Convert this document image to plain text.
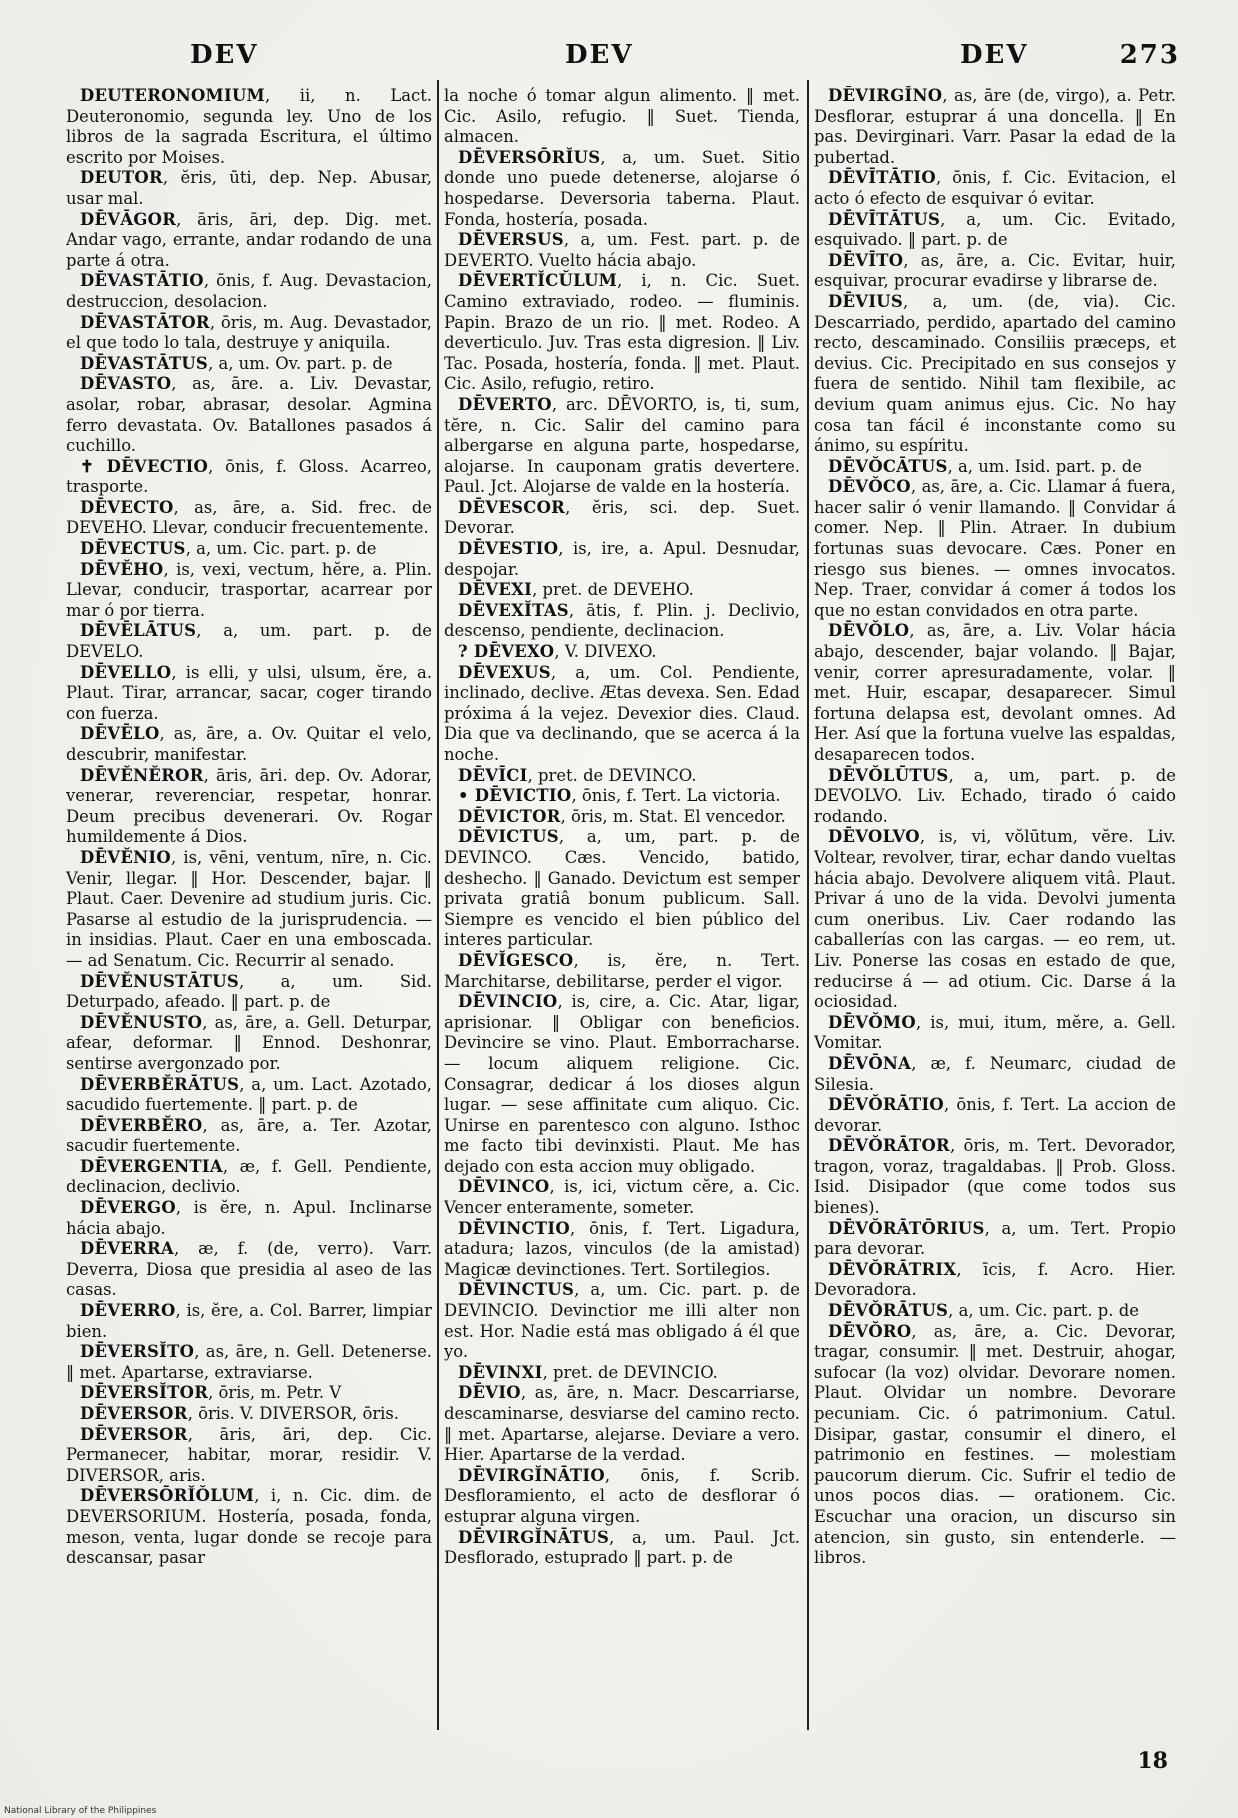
DEV	DEV	DEV	273

DEUTERONOMIUM, ii, n. Lact. Deuteronomio, segunda ley. Uno de los libros de la sagrada Escritura, el último escrito por Moises.

DEUTOR, ĕris, ūti, dep. Nep. Abusar, usar mal.

DĒVĀGOR, āris, āri, dep. Dig. met. Andar vago, errante, andar rodando de una parte á otra.

DĒVASTĀTIO, ōnis, f. Aug. Devastacion, destruccion, desolacion.

DĒVASTĀTOR, ōris, m. Aug. Devastador, el que todo lo tala, destruye y aniquila.

DĒVASTĀTUS, a, um. Ov. part. p. de

DĒVASTO, as, āre. a. Liv. Devastar, asolar, robar, abrasar, desolar. Agmina ferro devastata. Ov. Batallones pasados á cuchillo.

✝ DĒVECTIO, ōnis, f. Gloss. Acarreo, trasporte.

DĒVECTO, as, āre, a. Sid. frec. de DEVEHO. Llevar, conducir frecuentemente.

DĒVECTUS, a, um. Cic. part. p. de

DĒVĔHO, is, vexi, vectum, hĕre, a. Plin. Llevar, conducir, trasportar, acarrear por mar ó por tierra.

DĒVĒLĀTUS, a, um. part. p. de DEVELO.

DĒVELLO, is elli, y ulsi, ulsum, ĕre, a. Plaut. Tirar, arrancar, sacar, coger tirando con fuerza.

DĒVĒLO, as, āre, a. Ov. Quitar el velo, descubrir, manifestar.

DĒVĔNĔROR, āris, āri. dep. Ov. Adorar, venerar, reverenciar, respetar, honrar. Deum precibus devenerari. Ov. Rogar humildemente á Dios.

DĒVĔNIO, is, vēni, ventum, nīre, n. Cic. Venir, llegar. ‖ Hor. Descender, bajar. ‖ Plaut. Caer. Devenire ad studium juris. Cic. Pasarse al estudio de la jurisprudencia. — in insidias. Plaut. Caer en una emboscada. — ad Senatum. Cic. Recurrir al senado.

DĒVĔNUSTĀTUS, a, um. Sid. Deturpado, afeado. ‖ part. p. de

DĒVĔNUSTO, as, āre, a. Gell. Deturpar, afear, deformar. ‖ Ennod. Deshonrar, sentirse avergonzado por.

DĒVERBĔRĀTUS, a, um. Lact. Azotado, sacudido fuertemente. ‖ part. p. de

DĒVERBĔRO, as, āre, a. Ter. Azotar, sacudir fuertemente.

DĒVERGENTIA, æ, f. Gell. Pendiente, declinacion, declivio.

DĒVERGO, is ĕre, n. Apul. Inclinarse hácia abajo.

DĒVERRA, æ, f. (de, verro). Varr. Deverra, Diosa que presidia al aseo de las casas.

DĒVERRO, is, ĕre, a. Col. Barrer, limpiar bien.

DĒVERSĬTO, as, āre, n. Gell. Detenerse. ‖ met. Apartarse, extraviarse.

DĒVERSĬTOR, ōris, m. Petr. V

DĒVERSOR, ōris. V. DIVERSOR, ōris.

DĒVERSOR, āris, āri, dep. Cic. Permanecer, habitar, morar, residir. V. DIVERSOR, aris.

DĒVERSŌRĬŎLUM, i, n. Cic. dim. de DEVERSORIUM. Hostería, posada, fonda, meson, venta, lugar donde se recoje para descansar, pasar

la noche ó tomar algun alimento. ‖ met. Cic. Asilo, refugio. ‖ Suet. Tienda, almacen.

DĒVERSŌRĬUS, a, um. Suet. Sitio donde uno puede detenerse, alojarse ó hospedarse. Deversoria taberna. Plaut. Fonda, hostería, posada.

DĒVERSUS, a, um. Fest. part. p. de DEVERTO. Vuelto hácia abajo.

DĒVERTĬCŬLUM, i, n. Cic. Suet. Camino extraviado, rodeo. — fluminis. Papin. Brazo de un rio. ‖ met. Rodeo. A deverticulo. Juv. Tras esta digresion. ‖ Liv. Tac. Posada, hostería, fonda. ‖ met. Plaut. Cic. Asilo, refugio, retiro.

DĒVERTO, arc. DĒVORTO, is, ti, sum, tĕre, n. Cic. Salir del camino para albergarse en alguna parte, hospedarse, alojarse. In cauponam gratis devertere. Paul. Jct. Alojarse de valde en la hostería.

DĒVESCOR, ĕris, sci. dep. Suet. Devorar.

DĒVESTIO, is, ire, a. Apul. Desnudar, despojar.

DĒVEXI, pret. de DEVEHO.

DĒVEXĬTAS, ātis, f. Plin. j. Declivio, descenso, pendiente, declinacion.

? DĒVEXO, V. DIVEXO.

DĒVEXUS, a, um. Col. Pendiente, inclinado, declive. Ætas devexa. Sen. Edad próxima á la vejez. Devexior dies. Claud. Dia que va declinando, que se acerca á la noche.

DĒVĪCI, pret. de DEVINCO.

• DĒVICTIO, ōnis, f. Tert. La victoria.

DĒVICTOR, ōris, m. Stat. El vencedor.

DĒVICTUS, a, um, part. p. de DEVINCO. Cæs. Vencido, batido, deshecho. ‖ Ganado. Devictum est semper privata gratiâ bonum publicum. Sall. Siempre es vencido el bien público del interes particular.

DĒVĬGESCO, is, ĕre, n. Tert. Marchitarse, debilitarse, perder el vigor.

DĒVINCIO, is, cire, a. Cic. Atar, ligar, aprisionar. ‖ Obligar con beneficios. Devincire se vino. Plaut. Emborracharse. — locum aliquem religione. Cic. Consagrar, dedicar á los dioses algun lugar. — sese affinitate cum aliquo. Cic. Unirse en parentesco con alguno. Isthoc me facto tibi devinxisti. Plaut. Me has dejado con esta accion muy obligado.

DĒVINCO, is, ici, victum cĕre, a. Cic. Vencer enteramente, someter.

DĒVINCTIO, ōnis, f. Tert. Ligadura, atadura; lazos, vinculos (de la amistad) Magicæ devinctiones. Tert. Sortilegios.

DĒVINCTUS, a, um. Cic. part. p. de DEVINCIO. Devinctior me illi alter non est. Hor. Nadie está mas obligado á él que yo.

DĒVINXI, pret. de DEVINCIO.

DĒVIO, as, āre, n. Macr. Descarriarse, descaminarse, desviarse del camino recto. ‖ met. Apartarse, alejarse. Deviare a vero. Hier. Apartarse de la verdad.

DĒVIRGĬNĀTIO, ōnis, f. Scrib. Desfloramiento, el acto de desflorar ó estuprar alguna virgen.

DĒVIRGĬNĀTUS, a, um. Paul. Jct. Desflorado, estuprado ‖ part. p. de

DĒVIRGĬNO, as, āre (de, virgo), a. Petr. Desflorar, estuprar á una doncella. ‖ En pas. Devirginari. Varr. Pasar la edad de la pubertad.

DĒVĪTĀTIO, ōnis, f. Cic. Evitacion, el acto ó efecto de esquivar ó evitar.

DĒVĪTĀTUS, a, um. Cic. Evitado, esquivado. ‖ part. p. de

DĒVĪTO, as, āre, a. Cic. Evitar, huir, esquivar, procurar evadirse y librarse de.

DĒVIUS, a, um. (de, via). Cic. Descarriado, perdido, apartado del camino recto, descaminado. Consiliis præceps, et devius. Cic. Precipitado en sus consejos y fuera de sentido. Nihil tam flexibile, ac devium quam animus ejus. Cic. No hay cosa tan fácil é inconstante como su ánimo, su espíritu.

DĒVŎCĀTUS, a, um. Isid. part. p. de

DĒVŎCO, as, āre, a. Cic. Llamar á fuera, hacer salir ó venir llamando. ‖ Convidar á comer. Nep. ‖ Plin. Atraer. In dubium fortunas suas devocare. Cæs. Poner en riesgo sus bienes. — omnes invocatos. Nep. Traer, convidar á comer á todos los que no estan convidados en otra parte.

DĒVŎLO, as, āre, a. Liv. Volar hácia abajo, descender, bajar volando. ‖ Bajar, venir, correr apresuradamente, volar. ‖ met. Huir, escapar, desaparecer. Simul fortuna delapsa est, devolant omnes. Ad Her. Así que la fortuna vuelve las espaldas, desaparecen todos.

DĒVŎLŪTUS, a, um, part. p. de DEVOLVO. Liv. Echado, tirado ó caido rodando.

DĒVOLVO, is, vi, vŏlūtum, vĕre. Liv. Voltear, revolver, tirar, echar dando vueltas hácia abajo. Devolvere aliquem vitâ. Plaut. Privar á uno de la vida. Devolvi jumenta cum oneribus. Liv. Caer rodando las caballerías con las cargas. — eo rem, ut. Liv. Ponerse las cosas en estado de que, reducirse á — ad otium. Cic. Darse á la ociosidad.

DĒVŎMO, is, mui, itum, mĕre, a. Gell. Vomitar.

DĒVŌNA, æ, f. Neumarc, ciudad de Silesia.

DĒVŎRĀTIO, ōnis, f. Tert. La accion de devorar.

DĒVŎRĀTOR, ōris, m. Tert. Devorador, tragon, voraz, tragaldabas. ‖ Prob. Gloss. Isid. Disipador (que come todos sus bienes).

DĒVŎRĀTŌRIUS, a, um. Tert. Propio para devorar.

DĒVŎRĀTRIX, īcis, f. Acro. Hier. Devoradora.

DĒVŎRĀTUS, a, um. Cic. part. p. de

DĒVŎRO, as, āre, a. Cic. Devorar, tragar, consumir. ‖ met. Destruir, ahogar, sufocar (la voz) olvidar. Devorare nomen. Plaut. Olvidar un nombre. Devorare pecuniam. Cic. ó patrimonium. Catul. Disipar, gastar, consumir el dinero, el patrimonio en festines. — molestiam paucorum dierum. Cic. Sufrir el tedio de unos pocos dias. — orationem. Cic. Escuchar una oracion, un discurso sin atencion, sin gusto, sin entenderle. — libros.

18
National Library of the Philippines
